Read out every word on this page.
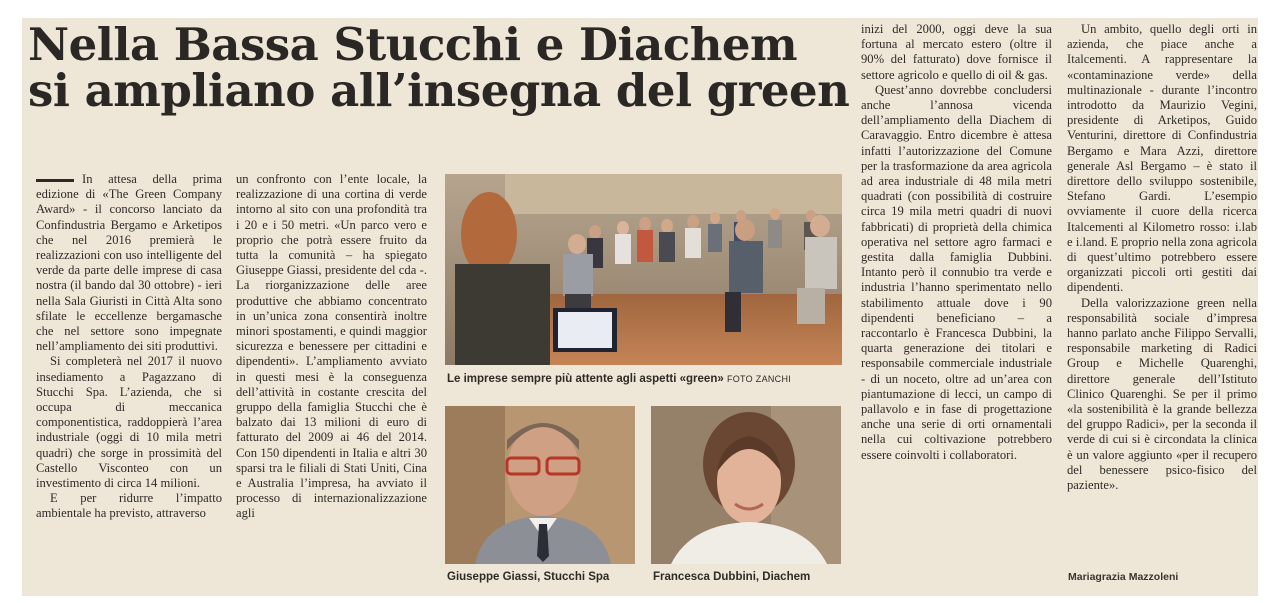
Nella Bassa Stucchi e Diachem
si ampliano all’insegna del green

In attesa della prima edizione di «The Green Company Award» - il concorso lanciato da Confindustria Bergamo e Arketipos che nel 2016 premierà le realizzazioni con uso intelligente del verde da parte delle imprese di casa nostra (il bando dal 30 ottobre) - ieri nella Sala Giuristi in Città Alta sono sfilate le eccellenze bergamasche che nel settore sono impegnate nell’ampliamento dei siti produttivi.

Si completerà nel 2017 il nuovo insediamento a Pagazzano di Stucchi Spa. L’azienda, che si occupa di meccanica componentistica, raddoppierà l’area industriale (oggi di 10 mila metri quadri) che sorge in prossimità del Castello Visconteo con un investimento di circa 14 milioni.

E per ridurre l’impatto ambientale ha previsto, attraverso

un confronto con l’ente locale, la realizzazione di una cortina di verde intorno al sito con una profondità tra i 20 e i 50 metri. «Un parco vero e proprio che potrà essere fruito da tutta la comunità – ha spiegato Giuseppe Giassi, presidente del cda -. La riorganizzazione delle aree produttive che abbiamo concentrato in un’unica zona consentirà inoltre minori spostamenti, e quindi maggior sicurezza e benessere per cittadini e dipendenti». L’ampliamento avviato in questi mesi è la conseguenza dell’attività in costante crescita del gruppo della famiglia Stucchi che è balzato dai 13 milioni di euro di fatturato del 2009 ai 46 del 2014. Con 150 dipendenti in Italia e altri 30 sparsi tra le filiali di Stati Uniti, Cina e Australia l’impresa, ha avviato il processo di internazionalizzazione agli

Le imprese sempre più attente agli aspetti «green» FOTO ZANCHI
Giuseppe Giassi, Stucchi Spa	Francesca Dubbini, Diachem

inizi del 2000, oggi deve la sua fortuna al mercato estero (oltre il 90% del fatturato) dove fornisce il settore agricolo e quello di oil & gas.

Quest’anno dovrebbe concludersi anche l’annosa vicenda dell’ampliamento della Diachem di Caravaggio. Entro dicembre è attesa infatti l’autorizzazione del Comune per la trasformazione da area agricola ad area industriale di 48 mila metri quadrati (con possibilità di costruire circa 19 mila metri quadri di nuovi fabbricati) di proprietà della chimica operativa nel settore agro farmaci e gestita dalla famiglia Dubbini. Intanto però il connubio tra verde e industria l’hanno sperimentato nello stabilimento attuale dove i 90 dipendenti beneficiano – a raccontarlo è Francesca Dubbini, la quarta generazione dei titolari e responsabile commerciale industriale - di un noceto, oltre ad un’area con piantumazione di lecci, un campo di pallavolo e in fase di progettazione anche una serie di orti ornamentali nella cui coltivazione potrebbero essere coinvolti i collaboratori.

Un ambito, quello degli orti in azienda, che piace anche a Italcementi. A rappresentare la «contaminazione verde» della multinazionale - durante l’incontro introdotto da Maurizio Vegini, presidente di Arketipos, Guido Venturini, direttore di Confindustria Bergamo e Mara Azzi, direttore generale Asl Bergamo – è stato il direttore dello sviluppo sostenibile, Stefano Gardi. L’esempio ovviamente il cuore della ricerca Italcementi al Kilometro rosso: i.lab e i.land. E proprio nella zona agricola di quest’ultimo potrebbero essere organizzati piccoli orti gestiti dai dipendenti.

Della valorizzazione green nella responsabilità sociale d’impresa hanno parlato anche Filippo Servalli, responsabile marketing di Radici Group e Michelle Quarenghi, direttore generale dell’Istituto Clinico Quarenghi. Se per il primo «la sostenibilità è la grande bellezza del gruppo Radici», per la seconda il verde di cui si è circondata la clinica è un valore aggiunto «per il recupero del benessere psico-fisico del paziente».

Mariagrazia Mazzoleni
